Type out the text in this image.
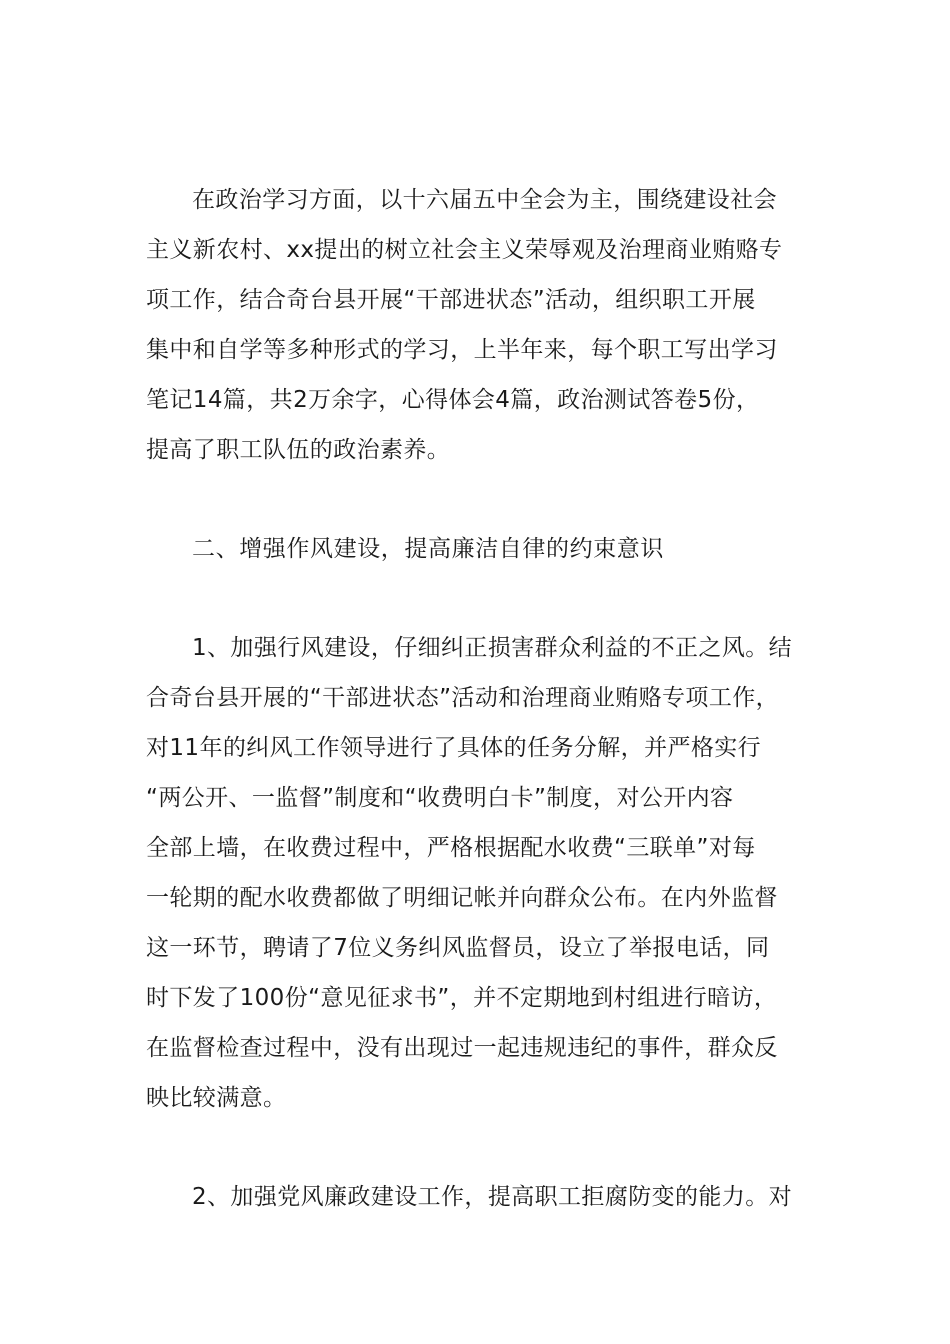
在政治学习方面，以十六届五中全会为主，围绕建设社会
主义新农村、xx提出的树立社会主义荣辱观及治理商业贿赂专
项工作，结合奇台县开展“干部进状态”活动，组织职工开展
集中和自学等多种形式的学习，上半年来，每个职工写出学习
笔记14篇，共2万余字，心得体会4篇，政治测试答卷5份，
提高了职工队伍的政治素养。
二、增强作风建设，提高廉洁自律的约束意识
1、加强行风建设，仔细纠正损害群众利益的不正之风。结
合奇台县开展的“干部进状态”活动和治理商业贿赂专项工作，
对11年的纠风工作领导进行了具体的任务分解，并严格实行
“两公开、一监督”制度和“收费明白卡”制度，对公开内容
全部上墙，在收费过程中，严格根据配水收费“三联单”对每
一轮期的配水收费都做了明细记帐并向群众公布。在内外监督
这一环节，聘请了7位义务纠风监督员，设立了举报电话，同
时下发了100份“意见征求书”，并不定期地到村组进行暗访，
在监督检查过程中，没有出现过一起违规违纪的事件，群众反
映比较满意。
2、加强党风廉政建设工作，提高职工拒腐防变的能力。对
